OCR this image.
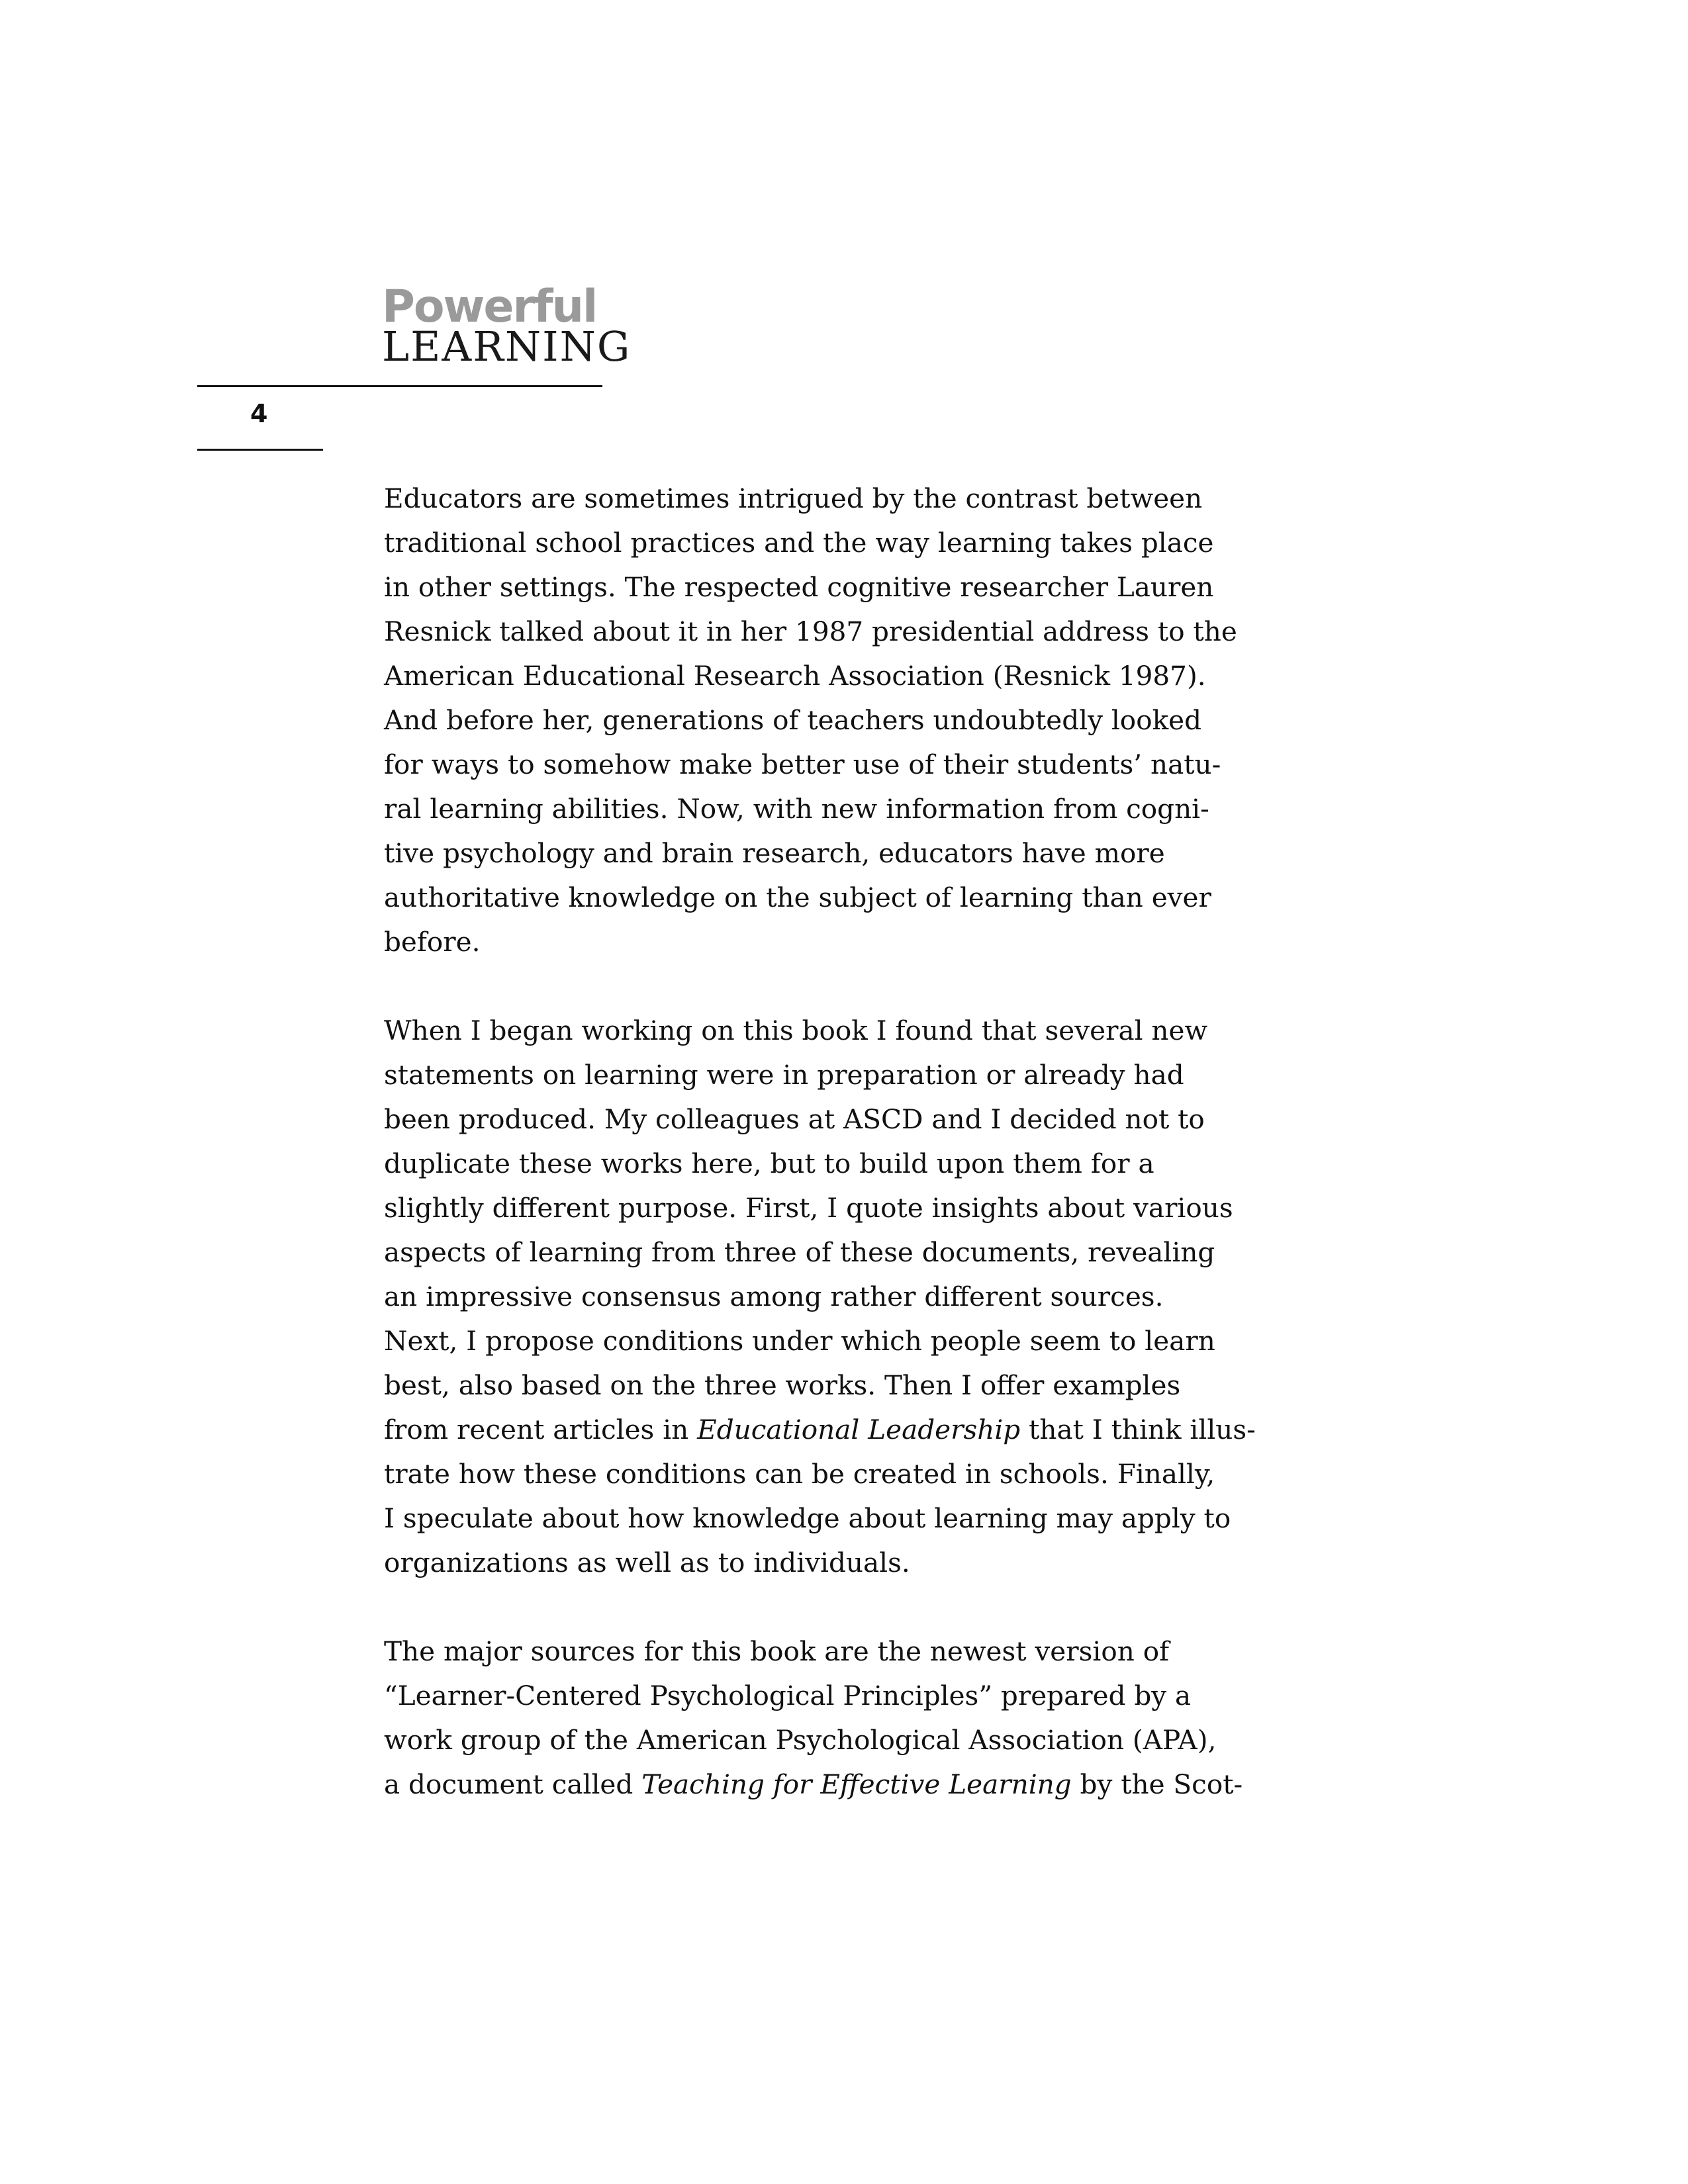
Powerful
LEARNING
4

Educators are sometimes intrigued by the contrast between
traditional school practices and the way learning takes place
in other settings. The respected cognitive researcher Lauren
Resnick talked about it in her 1987 presidential address to the
American Educational Research Association (Resnick 1987).
And before her, generations of teachers undoubtedly looked
for ways to somehow make better use of their students’ natu-
ral learning abilities. Now, with new information from cogni-
tive psychology and brain research, educators have more
authoritative knowledge on the subject of learning than ever
before.

When I began working on this book I found that several new
statements on learning were in preparation or already had
been produced. My colleagues at ASCD and I decided not to
duplicate these works here, but to build upon them for a
slightly different purpose. First, I quote insights about various
aspects of learning from three of these documents, revealing
an impressive consensus among rather different sources.
Next, I propose conditions under which people seem to learn
best, also based on the three works. Then I offer examples
from recent articles in Educational Leadership that I think illus-
trate how these conditions can be created in schools. Finally,
I speculate about how knowledge about learning may apply to
organizations as well as to individuals.

The major sources for this book are the newest version of
“Learner-Centered Psychological Principles” prepared by a
work group of the American Psychological Association (APA),
a document called Teaching for Effective Learning by the Scot-
